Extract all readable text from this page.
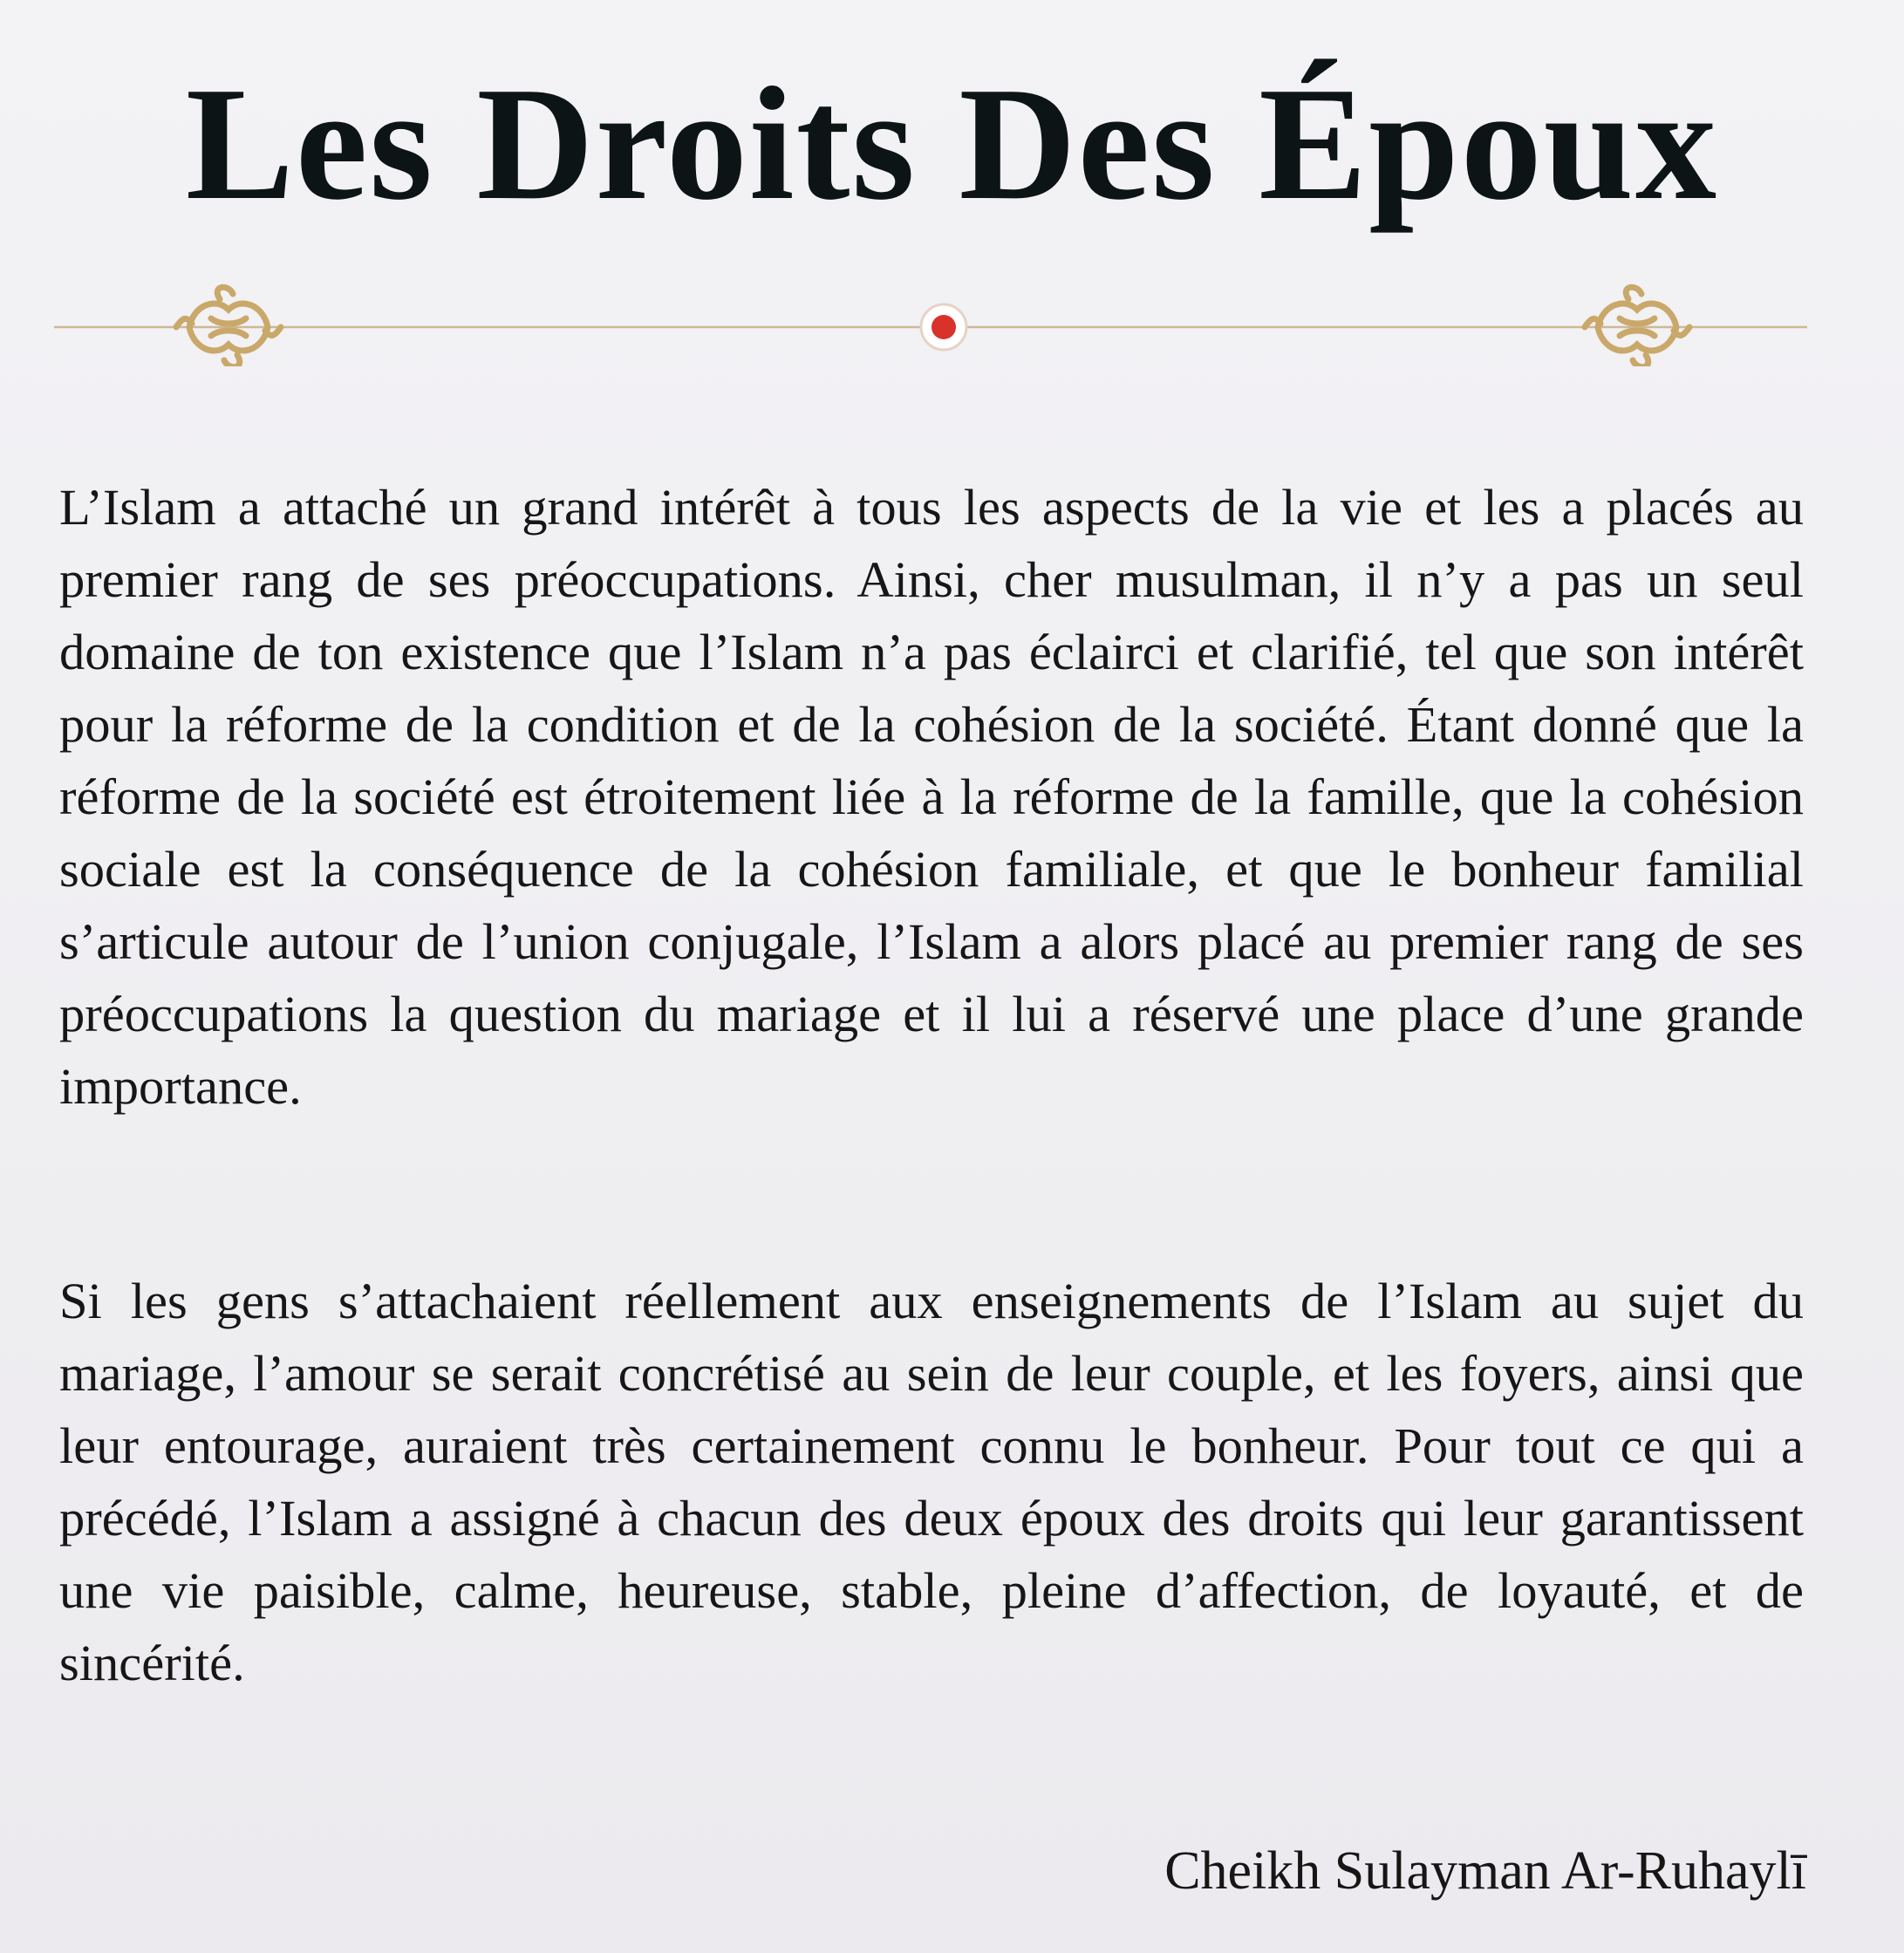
Les Droits Des Époux

L’Islam a attaché un grand intérêt à tous les aspects de la vie et les a placés au premier rang de ses préoccupations. Ainsi, cher musulman, il n’y a pas un seul domaine de ton existence que l’Islam n’a pas éclairci et clarifié, tel que son intérêt pour la réforme de la condition et de la cohésion de la société. Étant donné que la réforme de la société est étroitement liée à la réforme de la famille, que la cohésion sociale est la conséquence de la cohésion familiale, et que le bonheur familial s’articule autour de l’union conjugale, l’Islam a alors placé au premier rang de ses préoccupations la question du mariage et il lui a réservé une place d’une grande importance.

Si les gens s’attachaient réellement aux enseignements de l’Islam au sujet du mariage, l’amour se serait concrétisé au sein de leur couple, et les foyers, ainsi que leur entourage, auraient très certainement connu le bonheur. Pour tout ce qui a précédé, l’Islam a assigné à chacun des deux époux des droits qui leur garantissent une vie paisible, calme, heureuse, stable, pleine d’affection, de loyauté, et de sincérité.

Cheikh Sulayman Ar-Ruhaylī
